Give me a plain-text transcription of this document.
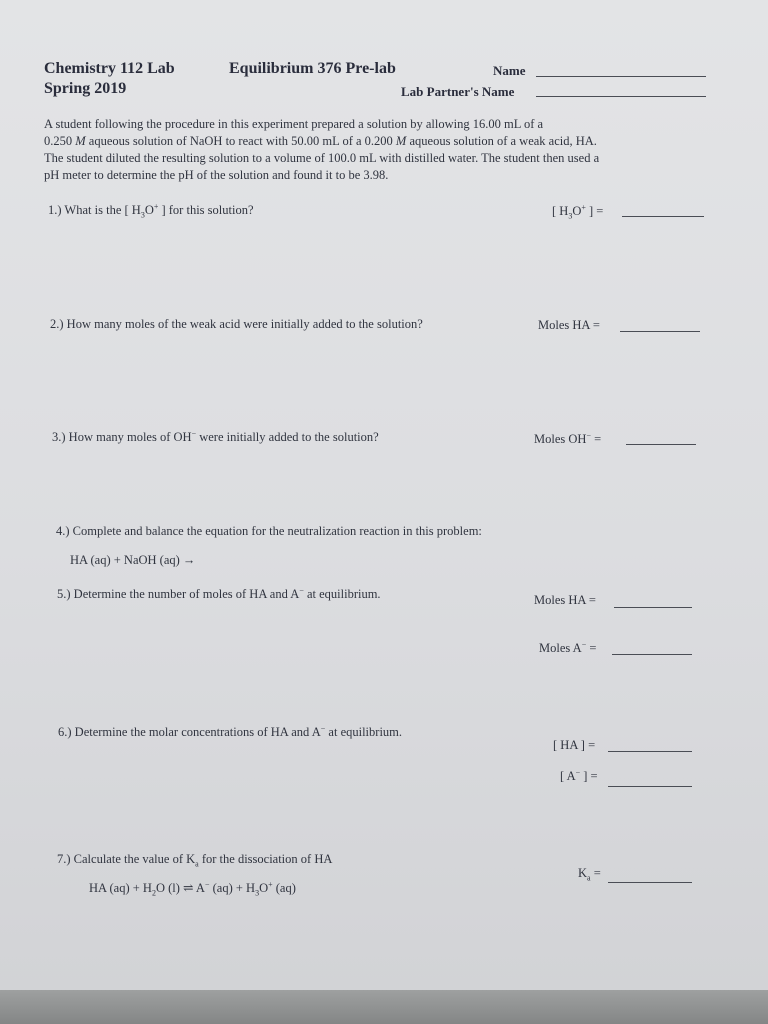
Chemistry 112 Lab
Spring 2019
Equilibrium 376 Pre-lab	Name
Lab Partner's Name
A student following the procedure in this experiment prepared a solution by allowing 16.00 mL of a
0.250 M aqueous solution of NaOH to react with 50.00 mL of a 0.200 M aqueous solution of a weak acid, HA.
The student diluted the resulting solution to a volume of 100.0 mL with distilled water. The student then used a
pH meter to determine the pH of the solution and found it to be 3.98.
1.) What is the [ $H_3O^+$ ] for this solution?	[ $H_3O^+$ ] =
2.) How many moles of the weak acid were initially added to the solution?	Moles HA =
3.) How many moles of OH− were initially added to the solution?	Moles OH− =
4.) Complete and balance the equation for the neutralization reaction in this problem:
HA (aq) + NaOH (aq) →
5.) Determine the number of moles of HA and A− at equilibrium.	Moles HA =
Moles A− =
6.) Determine the molar concentrations of HA and A− at equilibrium.
[ HA ] =
[ A− ] =
7.) Calculate the value of $K_a$ for the dissociation of HA
HA $(aq) + H_2O$ (l) ⇌ A− $(aq) + H_3O^+$ (aq)
$K_a$ =
